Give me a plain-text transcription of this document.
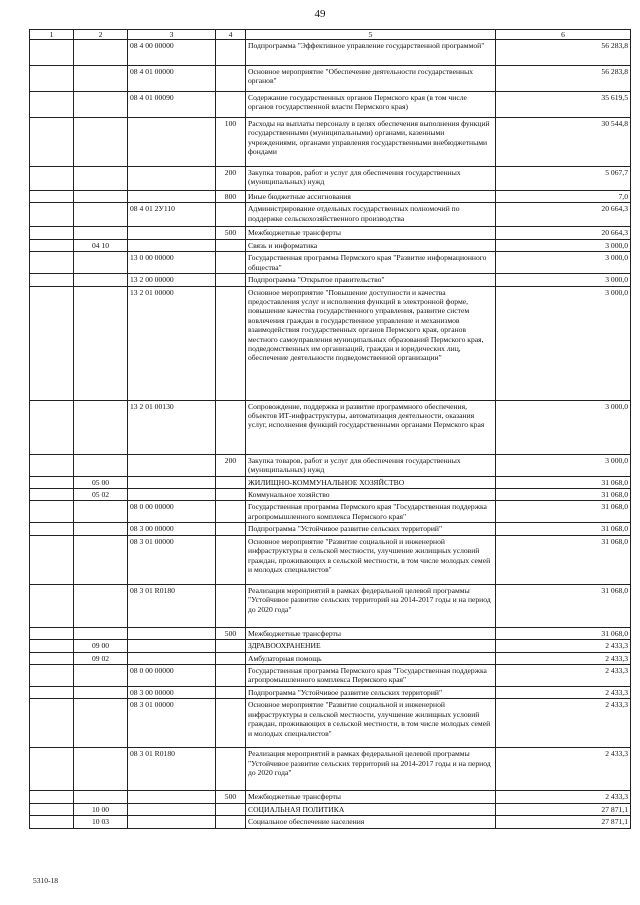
49
1	2	3	4	5	6
		08 4 00 00000		Подпрограмма "Эффективное управление государственной программой"	56 283,8
		08 4 01 00000		Основное мероприятие "Обеспечение деятельности государственных органов"	56 283,8
		08 4 01 00090		Содержание государственных органов Пермского края (в том числе органов государственной власти Пермского края)	35 619,5
			100	Расходы на выплаты персоналу в целях обеспечения выполнения функций государственными (муниципальными) органами, казенными учреждениями, органами управления государственными внебюджетными фондами	30 544,8
			200	Закупка товаров, работ и услуг для обеспечения государственных (муниципальных) нужд	5 067,7
			800	Иные бюджетные ассигнования	7,0
		08 4 01 2У110		Администрирование отдельных государственных полномочий по поддержке сельскохозяйственного производства	20 664,3
			500	Межбюджетные трансферты	20 664,3
	04 10			Связь и информатика	3 000,0
		13 0 00 00000		Государственная программа Пермского края "Развитие информационного общества"	3 000,0
		13 2 00 00000		Подпрограмма "Открытое правительство"	3 000,0
		13 2 01 00000		Основное мероприятие "Повышение доступности и качества предоставления услуг и исполнения функций в электронной форме, повышение качества государственного управления, развитие систем вовлечения граждан в государственное управление и механизмов взаимодействия государственных органов Пермского края, органов местного самоуправления муниципальных образований Пермского края, подведомственных им организаций, граждан и юридических лиц, обеспечение деятельности подведомственной организации"	3 000,0
		13 2 01 00130		Сопровождение, поддержка и развитие программного обеспечения, объектов ИТ-инфраструктуры, автоматизация деятельности, оказания услуг, исполнения функций государственными органами Пермского края	3 000,0
			200	Закупка товаров, работ и услуг для обеспечения государственных (муниципальных) нужд	3 000,0
	05 00			ЖИЛИЩНО-КОММУНАЛЬНОЕ ХОЗЯЙСТВО	31 068,0
	05 02			Коммунальное хозяйство	31 068,0
		08 0 00 00000		Государственная программа Пермского края "Государственная поддержка агропромышленного комплекса Пермского края"	31 068,0
		08 3 00 00000		Подпрограмма "Устойчивое развитие сельских территорий"	31 068,0
		08 3 01 00000		Основное мероприятие "Развитие социальной и инженерной инфраструктуры в сельской местности, улучшение жилищных условий граждан, проживающих в сельской местности, в том числе молодых семей и молодых специалистов"	31 068,0
		08 3 01 R0180		Реализация мероприятий в рамках федеральной целевой программы "Устойчивое развитие сельских территорий на 2014-2017 годы и на период до 2020 года"	31 068,0
			500	Межбюджетные трансферты	31 068,0
	09 00			ЗДРАВООХРАНЕНИЕ	2 433,3
	09 02			Амбулаторная помощь	2 433,3
		08 0 00 00000		Государственная программа Пермского края "Государственная поддержка агропромышленного комплекса Пермского края"	2 433,3
		08 3 00 00000		Подпрограмма "Устойчивое развитие сельских территорий"	2 433,3
		08 3 01 00000		Основное мероприятие "Развитие социальной и инженерной инфраструктуры в сельской местности, улучшение жилищных условий граждан, проживающих в сельской местности, в том числе молодых семей и молодых специалистов"	2 433,3
		08 3 01 R0180		Реализация мероприятий в рамках федеральной целевой программы "Устойчивое развитие сельских территорий на 2014-2017 годы и на период до 2020 года"	2 433,3
			500	Межбюджетные трансферты	2 433,3
	10 00			СОЦИАЛЬНАЯ ПОЛИТИКА	27 871,1
	10 03			Социальное обеспечение населения	27 871,1
5310-18
